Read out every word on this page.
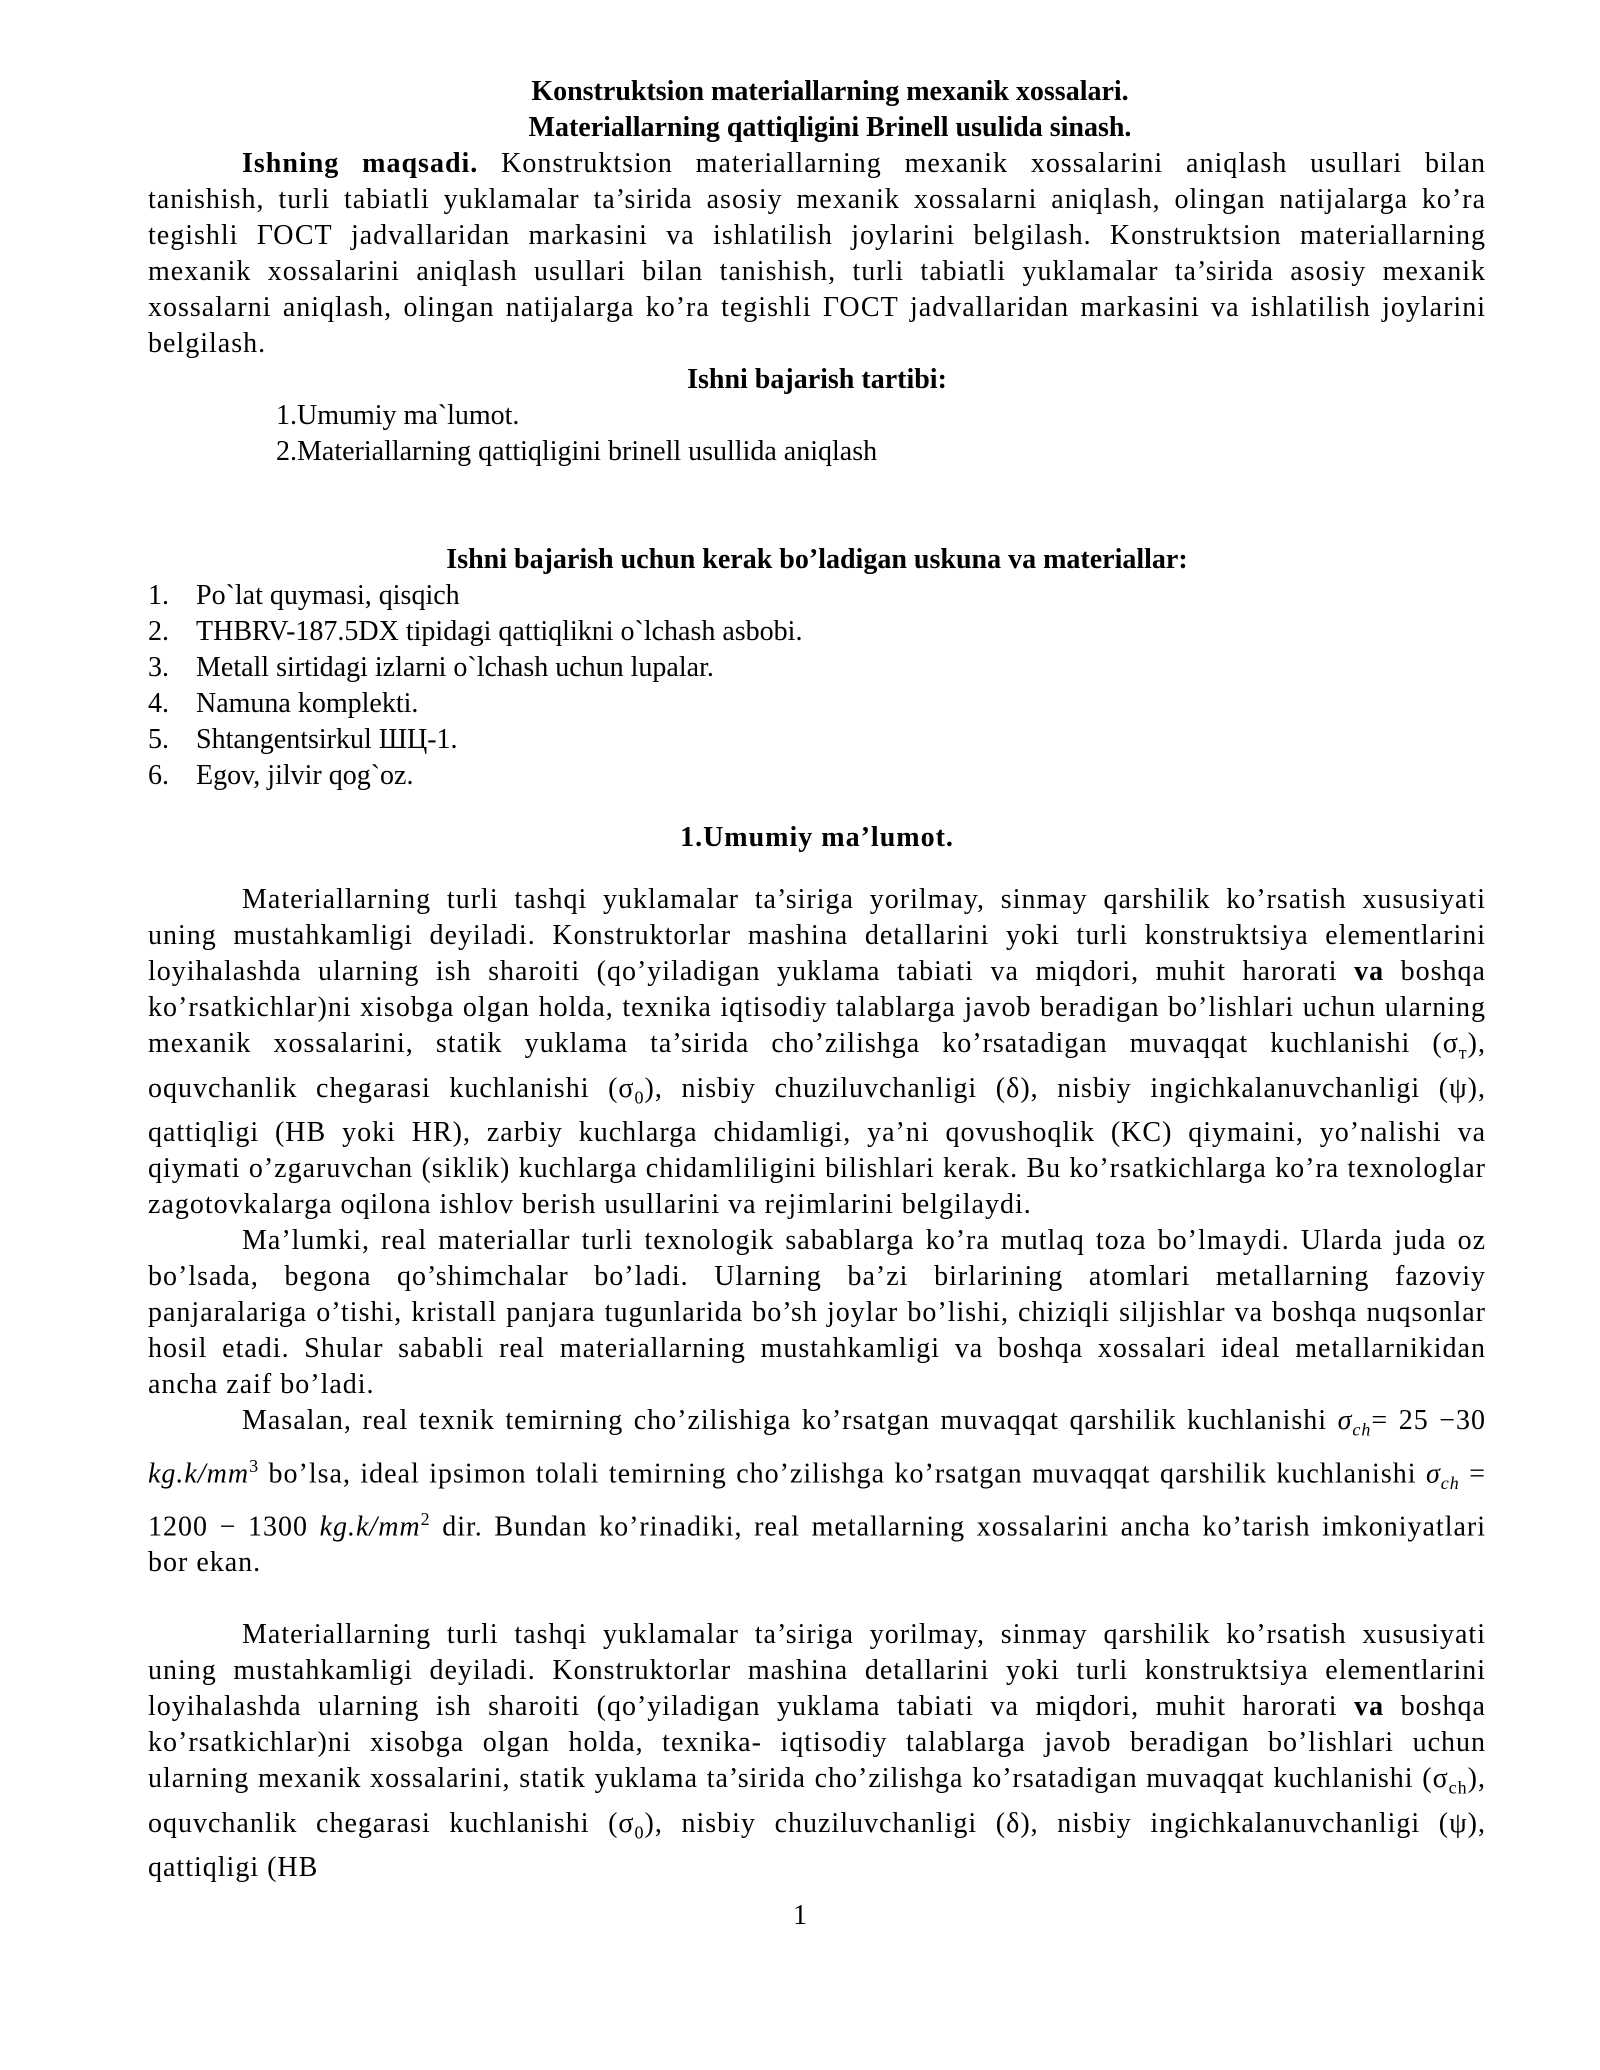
Konstruktsion materiallarning mexanik xossalari.

Materiallarning qattiqligini Brinell usulida sinash.

Ishning maqsadi. Konstruktsion materiallarning mexanik xossalarini aniqlash usullari bilan tanishish, turli tabiatli yuklamalar ta’sirida asosiy mexanik xossalarni aniqlash, olingan natijalarga ko’ra tegishli ГОСТ jadvallaridan markasini va ishlatilish joylarini belgilash. Konstruktsion materiallarning mexanik xossalarini aniqlash usullari bilan tanishish, turli tabiatli yuklamalar ta’sirida asosiy mexanik xossalarni aniqlash, olingan natijalarga ko’ra tegishli ГОСТ jadvallaridan markasini va ishlatilish joylarini belgilash.

Ishni bajarish tartibi:

1.Umumiy ma`lumot.

2.Materiallarning qattiqligini brinell usullida aniqlash

Ishni bajarish uchun kerak bo’ladigan uskuna va materiallar:

1. Po`lat quymasi, qisqich
2. THBRV-187.5DX tipidagi qattiqlikni o`lchash asbobi.
3. Metall sirtidagi izlarni o`lchash uchun lupalar.
4. Namuna komplekti.
5. Shtangentsirkul ШЦ-1.
6. Egov, jilvir qog`oz.

1.Umumiy ma’lumot.

Materiallarning turli tashqi yuklamalar ta’siriga yorilmay, sinmay qarshilik ko’rsatish xususiyati uning mustahkamligi deyiladi. Konstruktorlar mashina detallarini yoki turli konstruktsiya elementlarini loyihalashda ularning ish sharoiti (qo’yiladigan yuklama tabiati va miqdori, muhit harorati va boshqa ko’rsatkichlar)ni xisobga olgan holda, texnika iqtisodiy talablarga javob beradigan bo’lishlari uchun ularning mexanik xossalarini, statik yuklama ta’sirida cho’zilishga ko’rsatadigan muvaqqat kuchlanishi $(\sigma_т)$, oquvchanlik chegarasi kuchlanishi $(\sigma_0)$, nisbiy chuziluvchanligi (δ), nisbiy ingichkalanuvchanligi (ψ), qattiqligi (HB yoki HR), zarbiy kuchlarga chidamligi, ya’ni qovushoqlik (KC) qiymaini, yo’nalishi va qiymati o’zgaruvchan (siklik) kuchlarga chidamliligini bilishlari kerak. Bu ko’rsatkichlarga ko’ra texnologlar zagotovkalarga oqilona ishlov berish usullarini va rejimlarini belgilaydi.

Ma’lumki, real materiallar turli texnologik sabablarga ko’ra mutlaq toza bo’lmaydi. Ularda juda oz bo’lsada, begona qo’shimchalar bo’ladi. Ularning ba’zi birlarining atomlari metallarning fazoviy panjaralariga o’tishi, kristall panjara tugunlarida bo’sh joylar bo’lishi, chiziqli siljishlar va boshqa nuqsonlar hosil etadi. Shular sababli real materiallarning mustahkamligi va boshqa xossalari ideal metallarnikidan ancha zaif bo’ladi.

Masalan, real texnik temirning cho’zilishiga ko’rsatgan muvaqqat qarshilik kuchlanishi $\sigma_{ch}= 25 -30$ $kg.k/mm^3$ bo’lsa, ideal ipsimon tolali temirning cho’zilishga ko’rsatgan muvaqqat qarshilik kuchlanishi $\sigma_{ch} = 1200 - 1300$ $kg.k/mm^2$ dir. Bundan ko’rinadiki, real metallarning xossalarini ancha ko’tarish imkoniyatlari bor ekan.

Materiallarning turli tashqi yuklamalar ta’siriga yorilmay, sinmay qarshilik ko’rsatish xususiyati uning mustahkamligi deyiladi. Konstruktorlar mashina detallarini yoki turli konstruktsiya elementlarini loyihalashda ularning ish sharoiti (qo’yiladigan yuklama tabiati va miqdori, muhit harorati va boshqa ko’rsatkichlar)ni xisobga olgan holda, texnika- iqtisodiy talablarga javob beradigan bo’lishlari uchun ularning mexanik xossalarini, statik yuklama ta’sirida cho’zilishga ko’rsatadigan muvaqqat kuchlanishi $(\sigma_{ch})$, oquvchanlik chegarasi kuchlanishi $(\sigma_0)$, nisbiy chuziluvchanligi (δ), nisbiy ingichkalanuvchanligi (ψ), qattiqligi (HB

1
